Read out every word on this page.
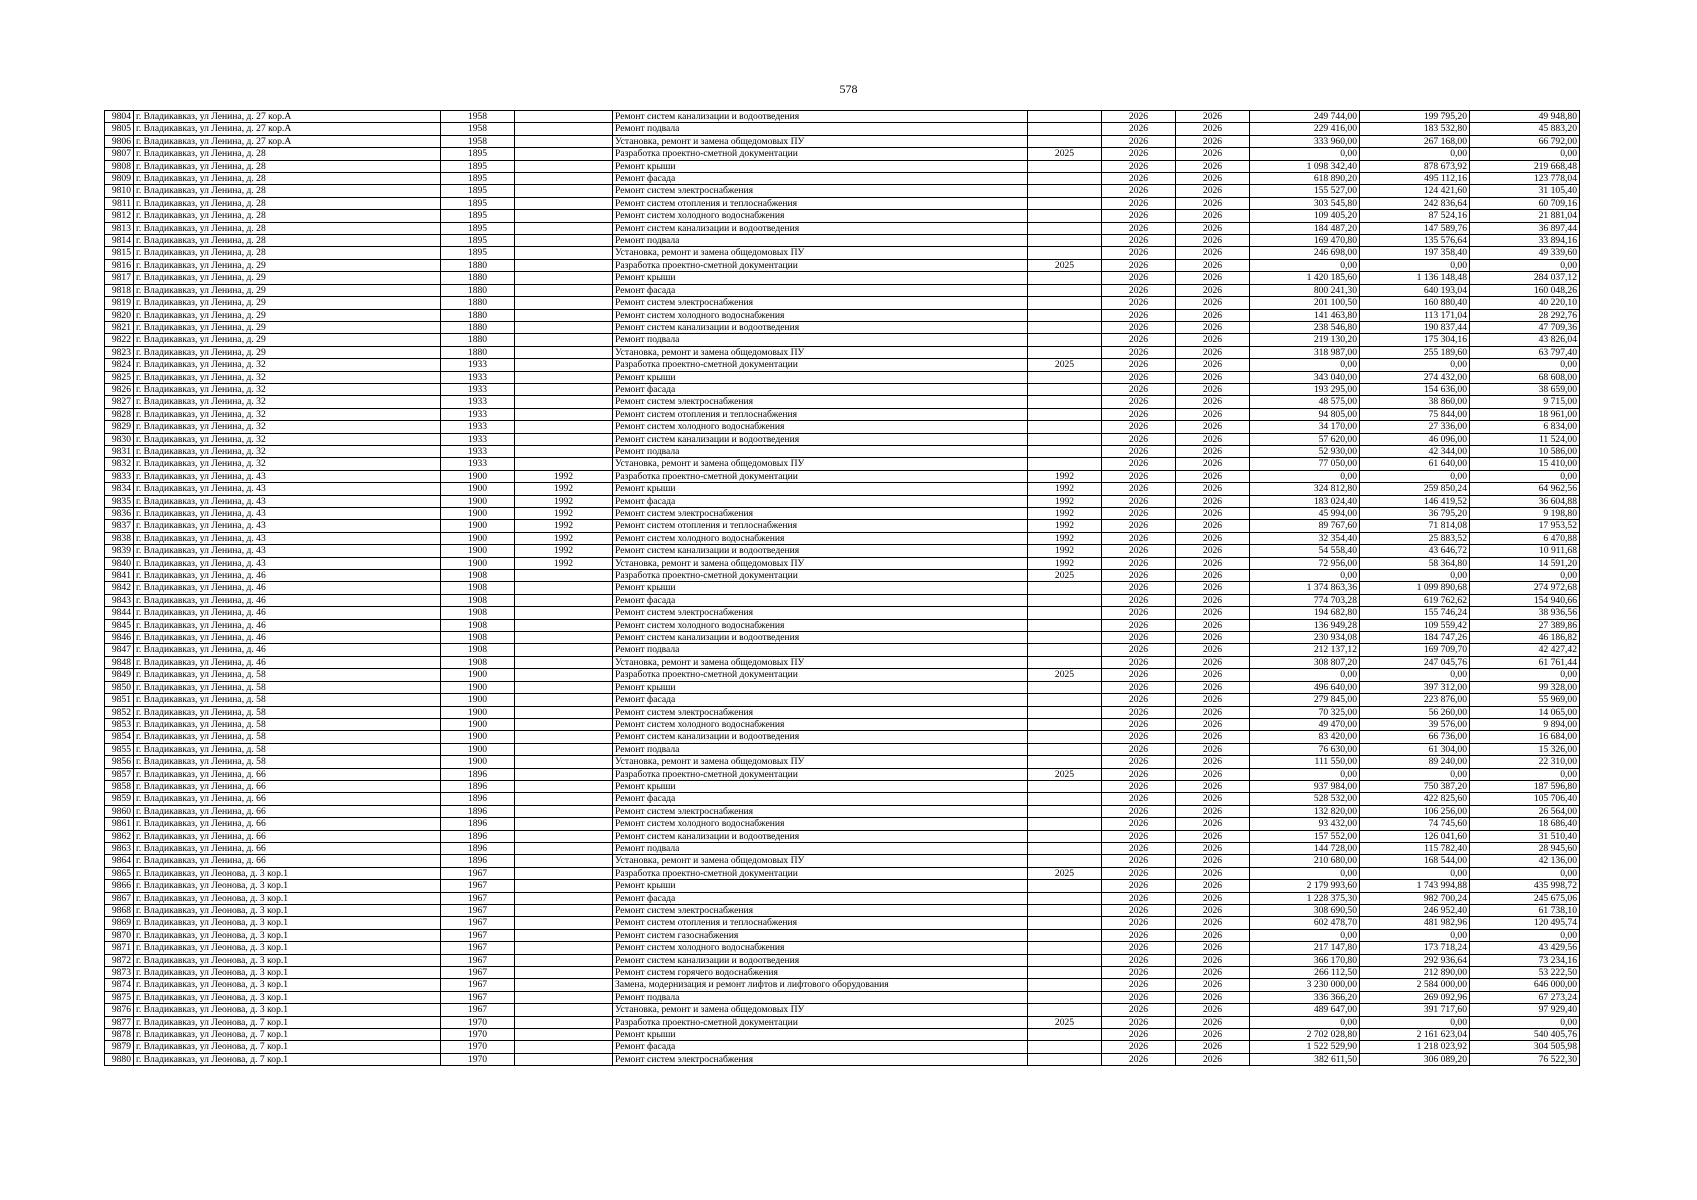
578
9804	г. Владикавказ, ул Ленина, д. 27 кор.А	1958		Ремонт систем канализации и водоотведения		2026	2026	249 744,00	199 795,20	49 948,80
9805	г. Владикавказ, ул Ленина, д. 27 кор.А	1958		Ремонт подвала		2026	2026	229 416,00	183 532,80	45 883,20
9806	г. Владикавказ, ул Ленина, д. 27 кор.А	1958		Установка, ремонт и замена общедомовых ПУ		2026	2026	333 960,00	267 168,00	66 792,00
9807	г. Владикавказ, ул Ленина, д. 28	1895		Разработка проектно-сметной документации	2025	2026	2026	0,00	0,00	0,00
9808	г. Владикавказ, ул Ленина, д. 28	1895		Ремонт крыши		2026	2026	1 098 342,40	878 673,92	219 668,48
9809	г. Владикавказ, ул Ленина, д. 28	1895		Ремонт фасада		2026	2026	618 890,20	495 112,16	123 778,04
9810	г. Владикавказ, ул Ленина, д. 28	1895		Ремонт систем электроснабжения		2026	2026	155 527,00	124 421,60	31 105,40
9811	г. Владикавказ, ул Ленина, д. 28	1895		Ремонт систем отопления и теплоснабжения		2026	2026	303 545,80	242 836,64	60 709,16
9812	г. Владикавказ, ул Ленина, д. 28	1895		Ремонт систем холодного водоснабжения		2026	2026	109 405,20	87 524,16	21 881,04
9813	г. Владикавказ, ул Ленина, д. 28	1895		Ремонт систем канализации и водоотведения		2026	2026	184 487,20	147 589,76	36 897,44
9814	г. Владикавказ, ул Ленина, д. 28	1895		Ремонт подвала		2026	2026	169 470,80	135 576,64	33 894,16
9815	г. Владикавказ, ул Ленина, д. 28	1895		Установка, ремонт и замена общедомовых ПУ		2026	2026	246 698,00	197 358,40	49 339,60
9816	г. Владикавказ, ул Ленина, д. 29	1880		Разработка проектно-сметной документации	2025	2026	2026	0,00	0,00	0,00
9817	г. Владикавказ, ул Ленина, д. 29	1880		Ремонт крыши		2026	2026	1 420 185,60	1 136 148,48	284 037,12
9818	г. Владикавказ, ул Ленина, д. 29	1880		Ремонт фасада		2026	2026	800 241,30	640 193,04	160 048,26
9819	г. Владикавказ, ул Ленина, д. 29	1880		Ремонт систем электроснабжения		2026	2026	201 100,50	160 880,40	40 220,10
9820	г. Владикавказ, ул Ленина, д. 29	1880		Ремонт систем холодного водоснабжения		2026	2026	141 463,80	113 171,04	28 292,76
9821	г. Владикавказ, ул Ленина, д. 29	1880		Ремонт систем канализации и водоотведения		2026	2026	238 546,80	190 837,44	47 709,36
9822	г. Владикавказ, ул Ленина, д. 29	1880		Ремонт подвала		2026	2026	219 130,20	175 304,16	43 826,04
9823	г. Владикавказ, ул Ленина, д. 29	1880		Установка, ремонт и замена общедомовых ПУ		2026	2026	318 987,00	255 189,60	63 797,40
9824	г. Владикавказ, ул Ленина, д. 32	1933		Разработка проектно-сметной документации	2025	2026	2026	0,00	0,00	0,00
9825	г. Владикавказ, ул Ленина, д. 32	1933		Ремонт крыши		2026	2026	343 040,00	274 432,00	68 608,00
9826	г. Владикавказ, ул Ленина, д. 32	1933		Ремонт фасада		2026	2026	193 295,00	154 636,00	38 659,00
9827	г. Владикавказ, ул Ленина, д. 32	1933		Ремонт систем электроснабжения		2026	2026	48 575,00	38 860,00	9 715,00
9828	г. Владикавказ, ул Ленина, д. 32	1933		Ремонт систем отопления и теплоснабжения		2026	2026	94 805,00	75 844,00	18 961,00
9829	г. Владикавказ, ул Ленина, д. 32	1933		Ремонт систем холодного водоснабжения		2026	2026	34 170,00	27 336,00	6 834,00
9830	г. Владикавказ, ул Ленина, д. 32	1933		Ремонт систем канализации и водоотведения		2026	2026	57 620,00	46 096,00	11 524,00
9831	г. Владикавказ, ул Ленина, д. 32	1933		Ремонт подвала		2026	2026	52 930,00	42 344,00	10 586,00
9832	г. Владикавказ, ул Ленина, д. 32	1933		Установка, ремонт и замена общедомовых ПУ		2026	2026	77 050,00	61 640,00	15 410,00
9833	г. Владикавказ, ул Ленина, д. 43	1900	1992	Разработка проектно-сметной документации	1992	2026	2026	0,00	0,00	0,00
9834	г. Владикавказ, ул Ленина, д. 43	1900	1992	Ремонт крыши	1992	2026	2026	324 812,80	259 850,24	64 962,56
9835	г. Владикавказ, ул Ленина, д. 43	1900	1992	Ремонт фасада	1992	2026	2026	183 024,40	146 419,52	36 604,88
9836	г. Владикавказ, ул Ленина, д. 43	1900	1992	Ремонт систем электроснабжения	1992	2026	2026	45 994,00	36 795,20	9 198,80
9837	г. Владикавказ, ул Ленина, д. 43	1900	1992	Ремонт систем отопления и теплоснабжения	1992	2026	2026	89 767,60	71 814,08	17 953,52
9838	г. Владикавказ, ул Ленина, д. 43	1900	1992	Ремонт систем холодного водоснабжения	1992	2026	2026	32 354,40	25 883,52	6 470,88
9839	г. Владикавказ, ул Ленина, д. 43	1900	1992	Ремонт систем канализации и водоотведения	1992	2026	2026	54 558,40	43 646,72	10 911,68
9840	г. Владикавказ, ул Ленина, д. 43	1900	1992	Установка, ремонт и замена общедомовых ПУ	1992	2026	2026	72 956,00	58 364,80	14 591,20
9841	г. Владикавказ, ул Ленина, д. 46	1908		Разработка проектно-сметной документации	2025	2026	2026	0,00	0,00	0,00
9842	г. Владикавказ, ул Ленина, д. 46	1908		Ремонт крыши		2026	2026	1 374 863,36	1 099 890,68	274 972,68
9843	г. Владикавказ, ул Ленина, д. 46	1908		Ремонт фасада		2026	2026	774 703,28	619 762,62	154 940,66
9844	г. Владикавказ, ул Ленина, д. 46	1908		Ремонт систем электроснабжения		2026	2026	194 682,80	155 746,24	38 936,56
9845	г. Владикавказ, ул Ленина, д. 46	1908		Ремонт систем холодного водоснабжения		2026	2026	136 949,28	109 559,42	27 389,86
9846	г. Владикавказ, ул Ленина, д. 46	1908		Ремонт систем канализации и водоотведения		2026	2026	230 934,08	184 747,26	46 186,82
9847	г. Владикавказ, ул Ленина, д. 46	1908		Ремонт подвала		2026	2026	212 137,12	169 709,70	42 427,42
9848	г. Владикавказ, ул Ленина, д. 46	1908		Установка, ремонт и замена общедомовых ПУ		2026	2026	308 807,20	247 045,76	61 761,44
9849	г. Владикавказ, ул Ленина, д. 58	1900		Разработка проектно-сметной документации	2025	2026	2026	0,00	0,00	0,00
9850	г. Владикавказ, ул Ленина, д. 58	1900		Ремонт крыши		2026	2026	496 640,00	397 312,00	99 328,00
9851	г. Владикавказ, ул Ленина, д. 58	1900		Ремонт фасада		2026	2026	279 845,00	223 876,00	55 969,00
9852	г. Владикавказ, ул Ленина, д. 58	1900		Ремонт систем электроснабжения		2026	2026	70 325,00	56 260,00	14 065,00
9853	г. Владикавказ, ул Ленина, д. 58	1900		Ремонт систем холодного водоснабжения		2026	2026	49 470,00	39 576,00	9 894,00
9854	г. Владикавказ, ул Ленина, д. 58	1900		Ремонт систем канализации и водоотведения		2026	2026	83 420,00	66 736,00	16 684,00
9855	г. Владикавказ, ул Ленина, д. 58	1900		Ремонт подвала		2026	2026	76 630,00	61 304,00	15 326,00
9856	г. Владикавказ, ул Ленина, д. 58	1900		Установка, ремонт и замена общедомовых ПУ		2026	2026	111 550,00	89 240,00	22 310,00
9857	г. Владикавказ, ул Ленина, д. 66	1896		Разработка проектно-сметной документации	2025	2026	2026	0,00	0,00	0,00
9858	г. Владикавказ, ул Ленина, д. 66	1896		Ремонт крыши		2026	2026	937 984,00	750 387,20	187 596,80
9859	г. Владикавказ, ул Ленина, д. 66	1896		Ремонт фасада		2026	2026	528 532,00	422 825,60	105 706,40
9860	г. Владикавказ, ул Ленина, д. 66	1896		Ремонт систем электроснабжения		2026	2026	132 820,00	106 256,00	26 564,00
9861	г. Владикавказ, ул Ленина, д. 66	1896		Ремонт систем холодного водоснабжения		2026	2026	93 432,00	74 745,60	18 686,40
9862	г. Владикавказ, ул Ленина, д. 66	1896		Ремонт систем канализации и водоотведения		2026	2026	157 552,00	126 041,60	31 510,40
9863	г. Владикавказ, ул Ленина, д. 66	1896		Ремонт подвала		2026	2026	144 728,00	115 782,40	28 945,60
9864	г. Владикавказ, ул Ленина, д. 66	1896		Установка, ремонт и замена общедомовых ПУ		2026	2026	210 680,00	168 544,00	42 136,00
9865	г. Владикавказ, ул Леонова, д. 3 кор.1	1967		Разработка проектно-сметной документации	2025	2026	2026	0,00	0,00	0,00
9866	г. Владикавказ, ул Леонова, д. 3 кор.1	1967		Ремонт крыши		2026	2026	2 179 993,60	1 743 994,88	435 998,72
9867	г. Владикавказ, ул Леонова, д. 3 кор.1	1967		Ремонт фасада		2026	2026	1 228 375,30	982 700,24	245 675,06
9868	г. Владикавказ, ул Леонова, д. 3 кор.1	1967		Ремонт систем электроснабжения		2026	2026	308 690,50	246 952,40	61 738,10
9869	г. Владикавказ, ул Леонова, д. 3 кор.1	1967		Ремонт систем отопления и теплоснабжения		2026	2026	602 478,70	481 982,96	120 495,74
9870	г. Владикавказ, ул Леонова, д. 3 кор.1	1967		Ремонт систем газоснабжения		2026	2026	0,00	0,00	0,00
9871	г. Владикавказ, ул Леонова, д. 3 кор.1	1967		Ремонт систем холодного водоснабжения		2026	2026	217 147,80	173 718,24	43 429,56
9872	г. Владикавказ, ул Леонова, д. 3 кор.1	1967		Ремонт систем канализации и водоотведения		2026	2026	366 170,80	292 936,64	73 234,16
9873	г. Владикавказ, ул Леонова, д. 3 кор.1	1967		Ремонт систем горячего водоснабжения		2026	2026	266 112,50	212 890,00	53 222,50
9874	г. Владикавказ, ул Леонова, д. 3 кор.1	1967		Замена, модернизация и ремонт лифтов и лифтового оборудования		2026	2026	3 230 000,00	2 584 000,00	646 000,00
9875	г. Владикавказ, ул Леонова, д. 3 кор.1	1967		Ремонт подвала		2026	2026	336 366,20	269 092,96	67 273,24
9876	г. Владикавказ, ул Леонова, д. 3 кор.1	1967		Установка, ремонт и замена общедомовых ПУ		2026	2026	489 647,00	391 717,60	97 929,40
9877	г. Владикавказ, ул Леонова, д. 7 кор.1	1970		Разработка проектно-сметной документации	2025	2026	2026	0,00	0,00	0,00
9878	г. Владикавказ, ул Леонова, д. 7 кор.1	1970		Ремонт крыши		2026	2026	2 702 028,80	2 161 623,04	540 405,76
9879	г. Владикавказ, ул Леонова, д. 7 кор.1	1970		Ремонт фасада		2026	2026	1 522 529,90	1 218 023,92	304 505,98
9880	г. Владикавказ, ул Леонова, д. 7 кор.1	1970		Ремонт систем электроснабжения		2026	2026	382 611,50	306 089,20	76 522,30
